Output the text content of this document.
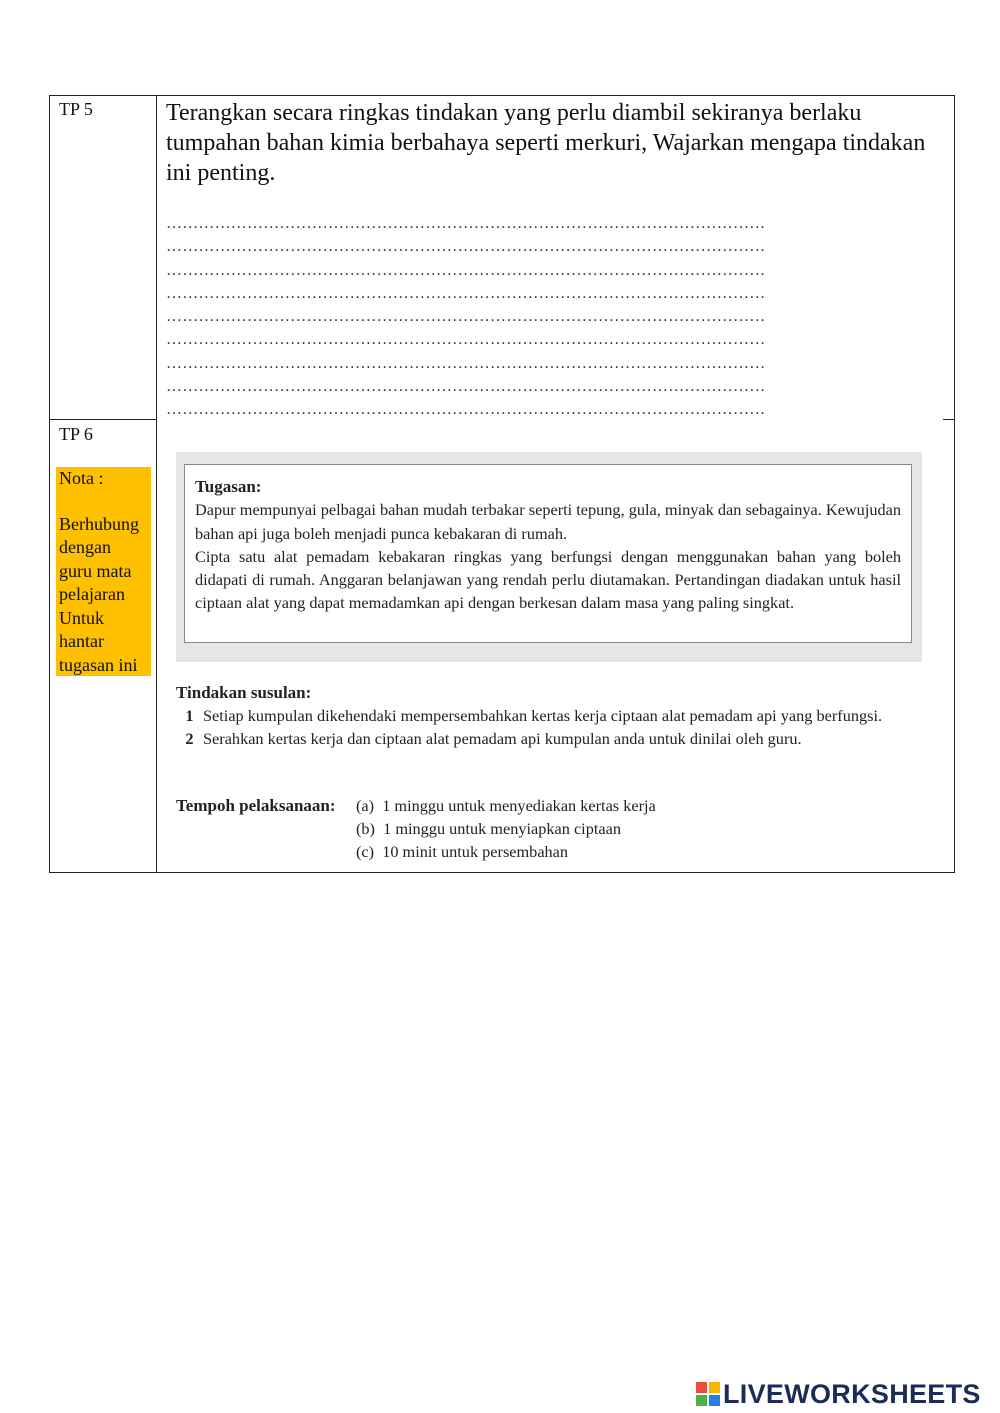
TP 5	Terangkan secara ringkas tindakan yang perlu diambil sekiranya berlaku tumpahan bahan kimia berbahaya seperti merkuri, Wajarkan mengapa tindakan ini penting.
…………………………………………………………………………………………………
…………………………………………………………………………………………………
…………………………………………………………………………………………………
…………………………………………………………………………………………………
…………………………………………………………………………………………………
…………………………………………………………………………………………………
…………………………………………………………………………………………………
…………………………………………………………………………………………………
…………………………………………………………………………………………………
TP 6
Nota :
Berhubung
dengan
guru mata
pelajaran
Untuk
hantar
tugasan ini
Tugasan:
Dapur mempunyai pelbagai bahan mudah terbakar seperti tepung, gula, minyak dan sebagainya. Kewujudan bahan api juga boleh menjadi punca kebakaran di rumah.
Cipta satu alat pemadam kebakaran ringkas yang berfungsi dengan menggunakan bahan yang boleh didapati di rumah. Anggaran belanjawan yang rendah perlu diutamakan. Pertandingan diadakan untuk hasil ciptaan alat yang dapat memadamkan api dengan berkesan dalam masa yang paling singkat.
Tindakan susulan:
1 Setiap kumpulan dikehendaki mempersembahkan kertas kerja ciptaan alat pemadam api yang berfungsi.
2 Serahkan kertas kerja dan ciptaan alat pemadam api kumpulan anda untuk dinilai oleh guru.
Tempoh pelaksanaan: (a)  1 minggu untuk menyediakan kertas kerja
(b)  1 minggu untuk menyiapkan ciptaan
(c)  10 minit untuk persembahan
LIVEWORKSHEETS
